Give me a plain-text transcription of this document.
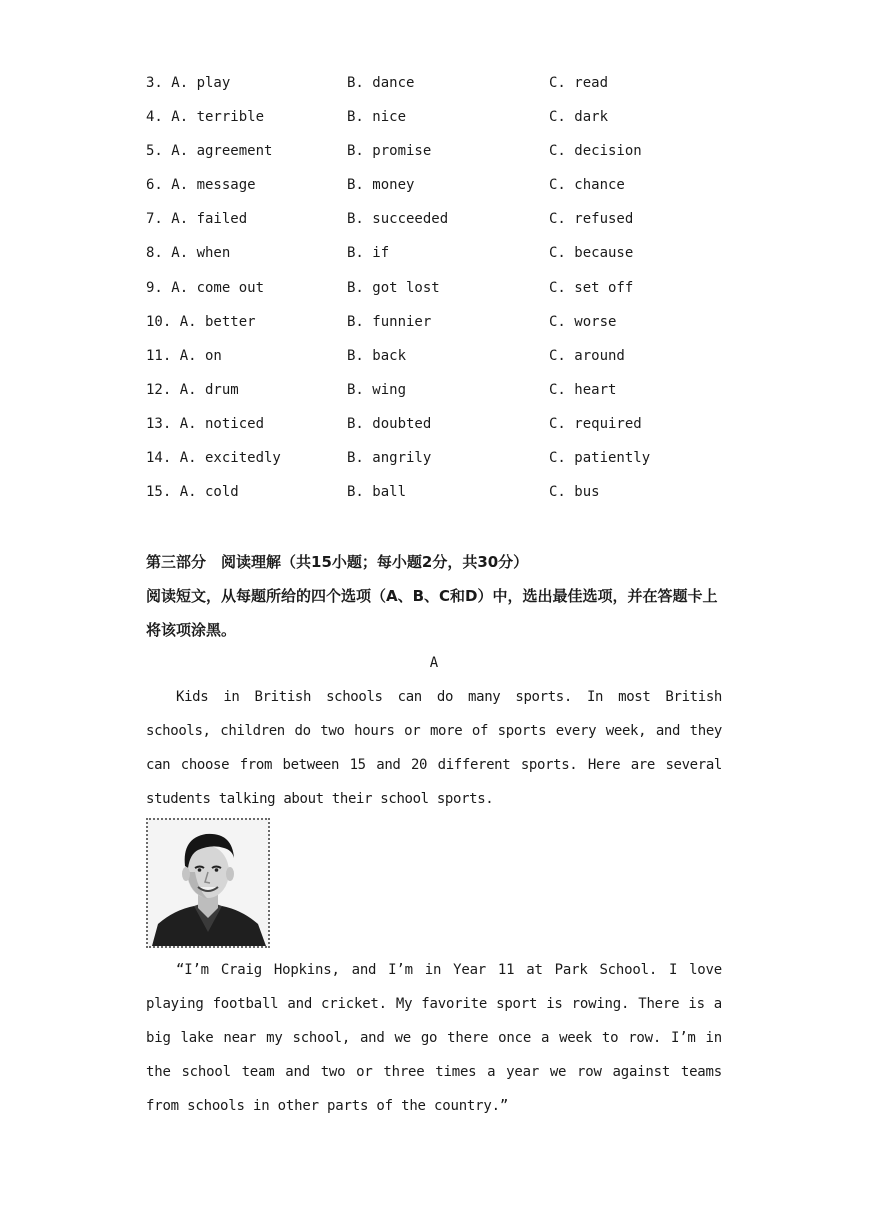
3. A. play	B. dance	C. read
4. A. terrible	B. nice	C. dark
5. A. agreement	B. promise	C. decision
6. A. message	B. money	C. chance
7. A. failed	B. succeeded	C. refused
8. A. when	B. if	C. because
9. A. come out	B. got lost	C. set off
10. A. better	B. funnier	C. worse
11. A. on	B. back	C. around
12. A. drum	B. wing	C. heart
13. A. noticed	B. doubted	C. required
14. A. excitedly	B. angrily	C. patiently
15. A. cold	B. ball	C. bus
第三部分　阅读理解（共15小题；每小题2分，共30分）
阅读短文，从每题所给的四个选项（A、B、C和D）中，选出最佳选项，并在答题卡上将该项涂黑。
A

Kids in British schools can do many sports. In most British schools, children do two hours or more of sports every week, and they can choose from between 15 and 20 different sports. Here are several students talking about their school sports.

“I’m Craig Hopkins, and I’m in Year 11 at Park School. I love playing football and cricket. My favorite sport is rowing. There is a big lake near my school, and we go there once a week to row. I’m in the school team and two or three times a year we row against teams from schools in other parts of the country.”
